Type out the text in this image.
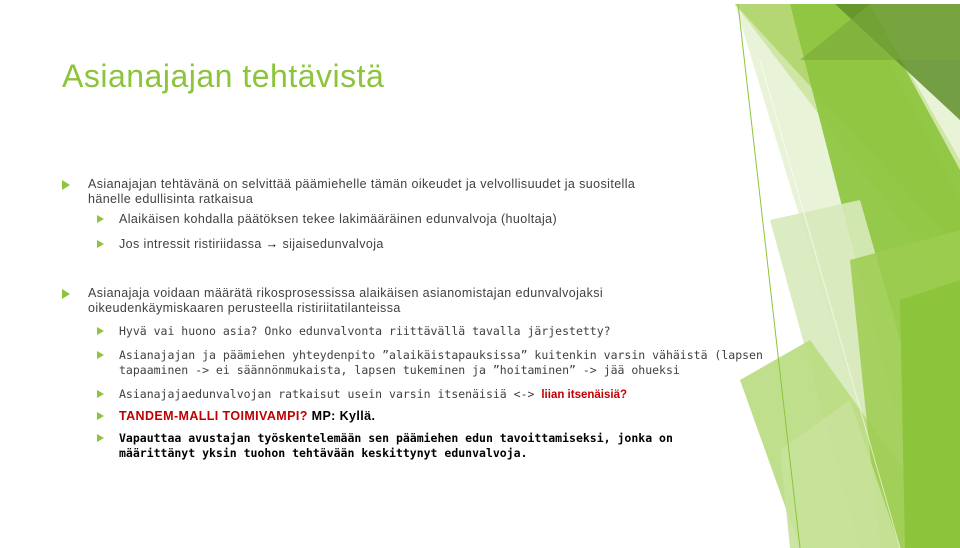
Asianajajan tehtävistä
Asianajajan tehtävänä on selvittää päämiehelle tämän oikeudet ja velvollisuudet ja suositella
hänelle edullisinta ratkaisua
Alaikäisen kohdalla päätöksen tekee lakimääräinen edunvalvoja (huoltaja)
Jos intressit ristiriidassa → sijaisedunvalvoja
Asianajaja voidaan määrätä rikosprosessissa alaikäisen asianomistajan edunvalvojaksi
oikeudenkäymiskaaren perusteella ristiriitatilanteissa
Hyvä vai huono asia? Onko edunvalvonta riittävällä tavalla järjestetty?
Asianajajan ja päämiehen yhteydenpito ”alaikäistapauksissa” kuitenkin varsin vähäistä (lapsen
tapaaminen -> ei säännönmukaista, lapsen tukeminen ja ”hoitaminen” -> jää ohueksi
Asianajajaedunvalvojan ratkaisut usein varsin itsenäisiä <-> liian itsenäisiä?
TANDEM-MALLI TOIMIVAMPI? MP: Kyllä.
Vapauttaa avustajan työskentelemään sen päämiehen edun tavoittamiseksi, jonka on
määrittänyt yksin tuohon tehtävään keskittynyt edunvalvoja.
